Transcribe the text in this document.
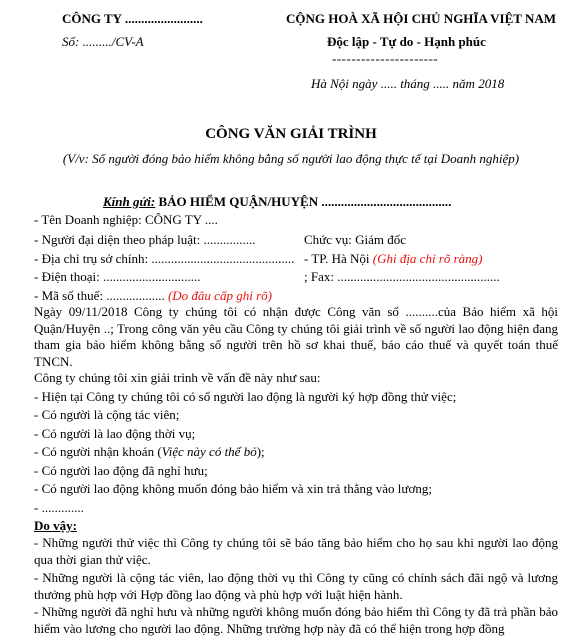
CÔNG TY ........................
Số: ........./CV-A
CỘNG HOÀ XÃ HỘI CHỦ NGHĨA VIỆT NAM
Độc lập - Tự do - Hạnh phúc
----------------------
Hà Nội ngày ..... tháng ..... năm 2018
CÔNG VĂN GIẢI TRÌNH
(V/v: Số người đóng bảo hiểm không bằng số người lao động thực tế tại Doanh nghiệp)
Kính gửi: BẢO HIỂM QUẬN/HUYỆN ........................................
- Tên Doanh nghiệp: CÔNG TY ....
- Người đại diện theo pháp luật: ................	Chức vụ: Giám đốc
- Địa chỉ trụ sở chính: ............................................ - TP. Hà Nội (Ghi địa chỉ rõ ràng)
- Điện thoại: ..............................	; Fax: ..................................................
- Mã số thuế: .................. (Do đâu cấp ghi rõ)
Ngày 09/11/2018 Công ty chúng tôi có nhận được Công văn số ..........của Bảo hiểm xã hội Quận/Huyện ..; Trong công văn yêu cầu Công ty chúng tôi giải trình về số người lao động hiện đang tham gia bảo hiểm không bằng số người trên hồ sơ khai thuế, báo cáo thuế và quyết toán thuế TNCN.
Công ty chúng tôi xin giải trình về vấn đề này như sau:
- Hiện tại Công ty chúng tôi có số người lao động là người ký hợp đồng thử việc;
- Có người là cộng tác viên;
- Có người là lao động thời vụ;
- Có người nhận khoán (Việc này có thể bỏ);
- Có người lao động đã nghỉ hưu;
- Có người lao động không muốn đóng bảo hiểm và xin trả thẳng vào lương;
- .............
Do vậy:
- Những người thử việc thì Công ty chúng tôi sẽ báo tăng bảo hiểm cho họ sau khi người lao động qua thời gian thử việc.
- Những người là cộng tác viên, lao động thời vụ thì Công ty cũng có chính sách đãi ngộ và lương thưởng phù hợp với Hợp đồng lao động và phù hợp với luật hiện hành.
- Những người đã nghỉ hưu và những người không muốn đóng bảo hiểm thì Công ty đã trả phần bảo hiểm vào lương cho người lao động. Những trường hợp này đã có thể hiện trong hợp đồng
